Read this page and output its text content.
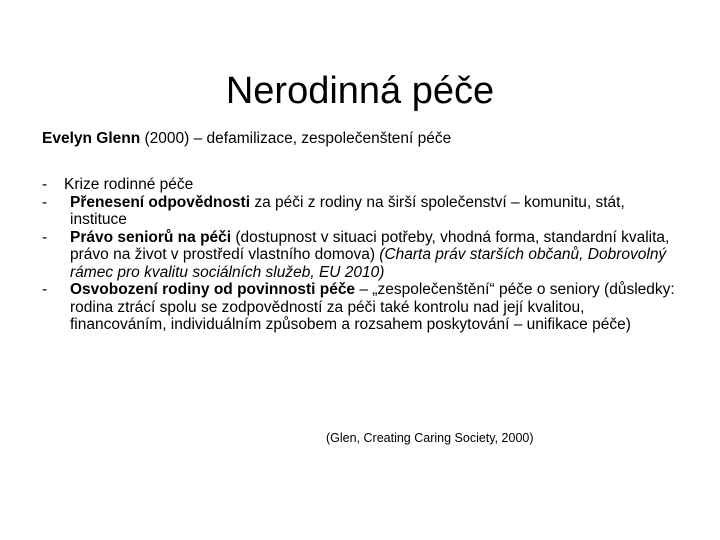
Nerodinná péče
Evelyn Glenn (2000) – defamilizace, zespolečenštení péče
-	Krize rodinné péče
-	Přenesení odpovědnosti za péči z rodiny na širší společenství – komunitu, stát, instituce
-	Právo seniorů na péči (dostupnost v situaci potřeby, vhodná forma, standardní kvalita, právo na život v prostředí vlastního domova) (Charta práv starších občanů, Dobrovolný rámec pro kvalitu sociálních služeb, EU 2010)
-	Osvobození rodiny od povinnosti péče – „zespolečenštění“ péče o seniory (důsledky: rodina ztrácí spolu se zodpovědností za péči také kontrolu nad její kvalitou, financováním, individuálním způsobem a rozsahem poskytování – unifikace péče)
(Glen, Creating Caring Society, 2000)
